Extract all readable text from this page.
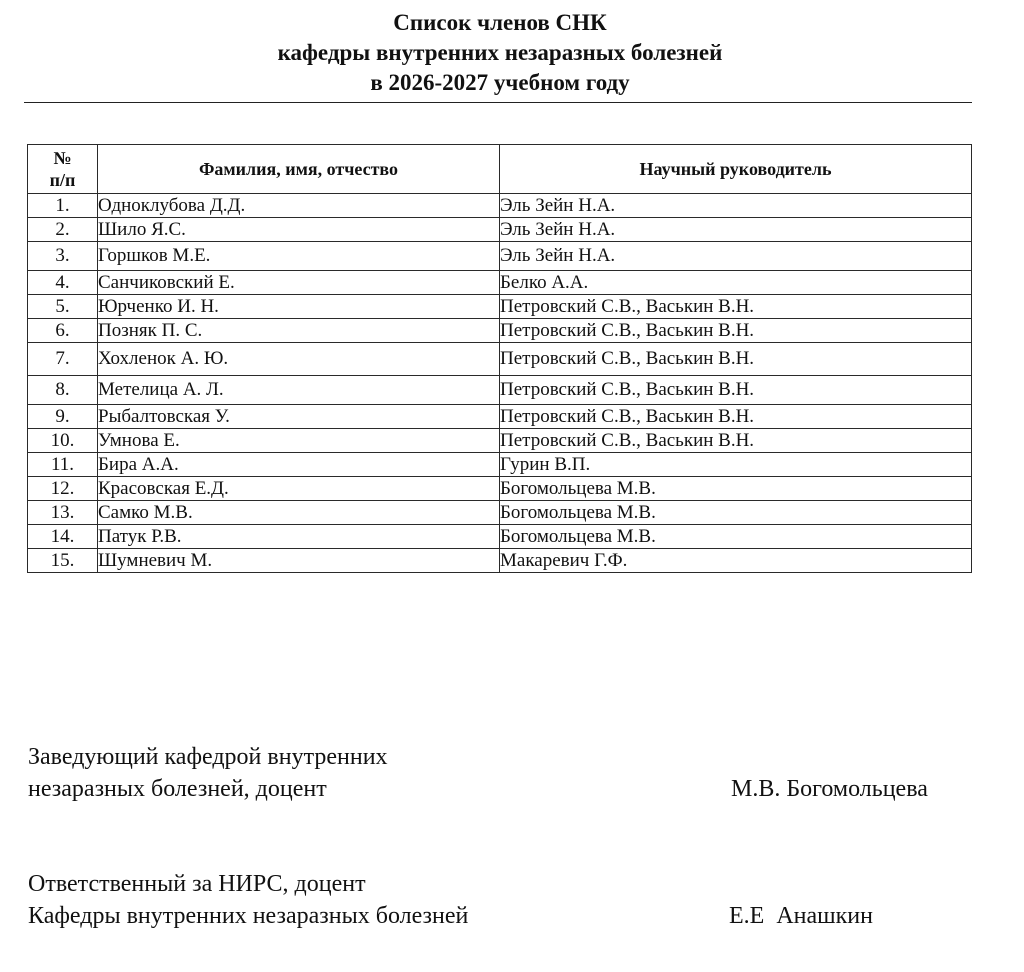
Список членов СНК
кафедры внутренних незаразных болезней
в 2026-2027 учебном году
№
п/п	Фамилия, имя, отчество	Научный руководитель
1.	Одноклубова Д.Д.	Эль Зейн Н.А.
2.	Шило Я.С.	Эль Зейн Н.А.
3.	Горшков М.Е.	Эль Зейн Н.А.
4.	Санчиковский Е.	Белко А.А.
5.	Юрченко И. Н.	Петровский С.В., Васькин В.Н.
6.	Позняк П. С.	Петровский С.В., Васькин В.Н.
7.	Хохленок А. Ю.	Петровский С.В., Васькин В.Н.
8.	Метелица А. Л.	Петровский С.В., Васькин В.Н.
9.	Рыбалтовская У.	Петровский С.В., Васькин В.Н.
10.	Умнова Е.	Петровский С.В., Васькин В.Н.
11.	Бира А.А.	Гурин В.П.
12.	Красовская Е.Д.	Богомольцева М.В.
13.	Самко М.В.	Богомольцева М.В.
14.	Патук Р.В.	Богомольцева М.В.
15.	Шумневич М.	Макаревич Г.Ф.
Заведующий кафедрой внутренних
незаразных болезней, доцент	М.В. Богомольцева
Ответственный за НИРС, доцент
Кафедры внутренних незаразных болезней	Е.Е  Анашкин
